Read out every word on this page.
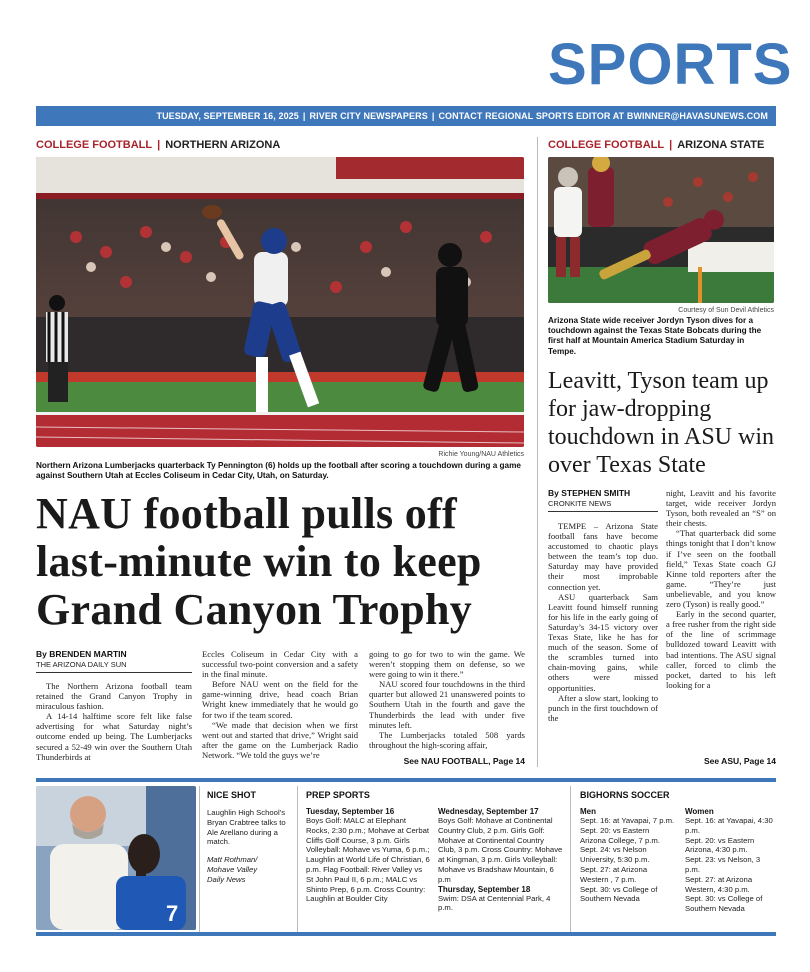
SPORTS
TUESDAY, SEPTEMBER 16, 2025 | RIVER CITY NEWSPAPERS | CONTACT REGIONAL SPORTS EDITOR AT BWINNER@HAVASUNEWS.COM
COLLEGE FOOTBALL | NORTHERN ARIZONA
Richie Young/NAU Athletics
Northern Arizona Lumberjacks quarterback Ty Pennington (6) holds up the football after scoring a touchdown during a game against Southern Utah at Eccles Coliseum in Cedar City, Utah, on Saturday.
NAU football pulls off last-minute win to keep Grand Canyon Trophy
By BRENDEN MARTIN
THE ARIZONA DAILY SUN

The Northern Arizona football team retained the Grand Canyon Trophy in miraculous fashion.

A 14-14 halftime score felt like false advertising for what Saturday night’s outcome ended up being. The Lumberjacks secured a 52-49 win over the Southern Utah Thunderbirds at

Eccles Coliseum in Cedar City with a successful two-point conversion and a safety in the final minute.

Before NAU went on the field for the game-winning drive, head coach Brian Wright knew immediately that he would go for two if the team scored.

“We made that decision when we first went out and started that drive,” Wright said after the game on the Lumberjack Radio Network. “We told the guys we’re

going to go for two to win the game. We weren’t stopping them on defense, so we were going to win it there.”

NAU scored four touchdowns in the third quarter but allowed 21 unanswered points to Southern Utah in the fourth and gave the Thunderbirds the lead with under five minutes left.

The Lumberjacks totaled 508 yards throughout the high-scoring affair,

See NAU FOOTBALL, Page 14
COLLEGE FOOTBALL | ARIZONA STATE
Courtesy of Sun Devil Athletics
Arizona State wide receiver Jordyn Tyson dives for a touchdown against the Texas State Bobcats during the first half at Mountain America Stadium Saturday in Tempe.
Leavitt, Tyson team up for jaw-dropping touchdown in ASU win over Texas State
By STEPHEN SMITH
CRONKITE NEWS

TEMPE – Arizona State football fans have become accustomed to chaotic plays between the team’s top duo. Saturday may have provided their most improbable connection yet.

ASU quarterback Sam Leavitt found himself running for his life in the early going of Saturday’s 34-15 victory over Texas State, like he has for much of the season. Some of the scrambles turned into chain-moving gains, while others were missed opportunities.

After a slow start, looking to punch in the first touchdown of the

night, Leavitt and his favorite target, wide receiver Jordyn Tyson, both revealed an “S” on their chests.

“That quarterback did some things tonight that I don’t know if I’ve seen on the football field,” Texas State coach GJ Kinne told reporters after the game. “They’re just unbelievable, and you know zero (Tyson) is really good.”

Early in the second quarter, a free rusher from the right side of the line of scrimmage bulldozed toward Leavitt with bad intentions. The ASU signal caller, forced to climb the pocket, darted to his left looking for a

See ASU, Page 14
7
NICE SHOT
Laughlin High School’s Bryan Crabtree talks to Ale Arellano during a match.
Matt Rothman/
Mohave Valley
Daily News
PREP SPORTS
Tuesday, September 16
Boys Golf: MALC at Elephant Rocks, 2:30 p.m.; Mohave at Cerbat Cliffs Golf Course, 3 p.m. Girls Volleyball: Mohave vs Yuma, 6 p.m.; Laughlin at World Life of Christian, 6 p.m. Flag Football: River Valley vs St John Paul II, 6 p.m.; MALC vs Shinto Prep, 6 p.m. Cross Country: Laughlin at Boulder City
Wednesday, September 17
Boys Golf: Mohave at Continental Country Club, 2 p.m. Girls Golf: Mohave at Continental Country Club, 3 p.m. Cross Country: Mohave at Kingman, 3 p.m. Girls Volleyball: Mohave vs Bradshaw Mountain, 6 p.m
Thursday, September 18
Swim: DSA at Centennial Park, 4 p.m.
BIGHORNS SOCCER
Men
Sept. 16: at Yavapai, 7 p.m.
Sept. 20: vs Eastern Arizona College, 7 p.m.
Sept. 24: vs Nelson University, 5:30 p.m.
Sept. 27: at Arizona Western , 7 p.m.
Sept. 30: vs College of Southern Nevada
Women
Sept. 16: at Yavapai, 4:30 p.m.
Sept. 20: vs Eastern Arizona, 4:30 p.m.
Sept. 23: vs Nelson, 3 p.m.
Sept. 27: at Arizona Western, 4:30 p.m.
Sept. 30: vs College of Southern Nevada
